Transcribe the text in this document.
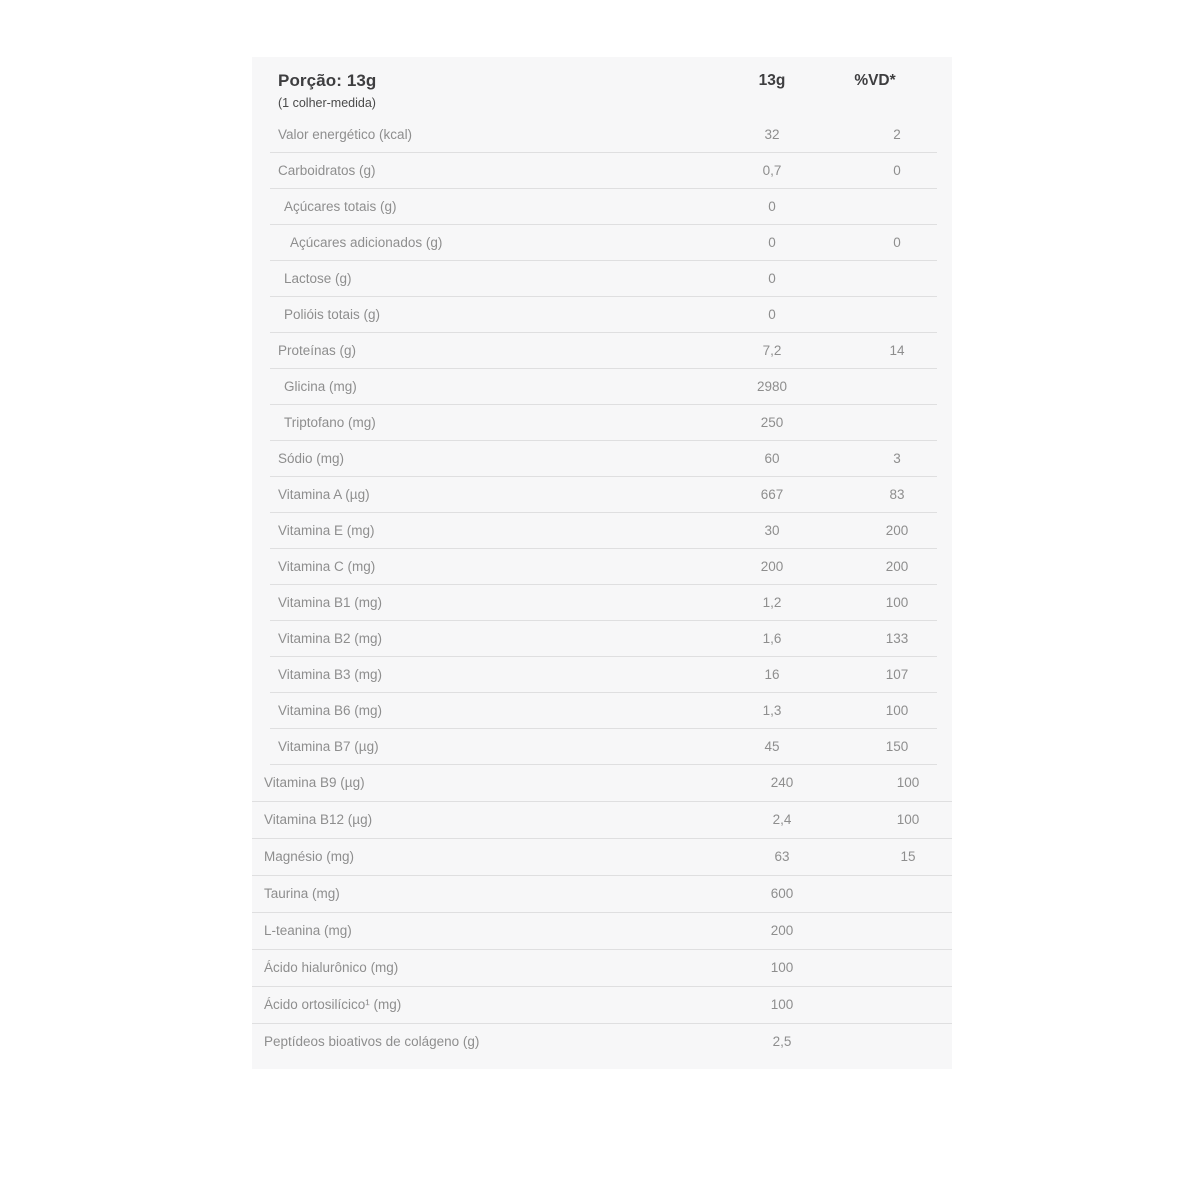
Porção: 13g
(1 colher-medida)
13g	%VD*
Valor energético (kcal)	32	2
Carboidratos (g)	0,7	0
Açúcares totais (g)	0
Açúcares adicionados (g)	0	0
Lactose (g)	0
Polióis totais (g)	0
Proteínas (g)	7,2	14
Glicina (mg)	2980
Triptofano (mg)	250
Sódio (mg)	60	3
Vitamina A (µg)	667	83
Vitamina E (mg)	30	200
Vitamina C (mg)	200	200
Vitamina B1 (mg)	1,2	100
Vitamina B2 (mg)	1,6	133
Vitamina B3 (mg)	16	107
Vitamina B6 (mg)	1,3	100
Vitamina B7 (µg)	45	150
Vitamina B9 (µg)	240	100
Vitamina B12 (µg)	2,4	100
Magnésio (mg)	63	15
Taurina (mg)	600
L-teanina (mg)	200
Ácido hialurônico (mg)	100
Ácido ortosilícico¹ (mg)	100
Peptídeos bioativos de colágeno (g)	2,5
